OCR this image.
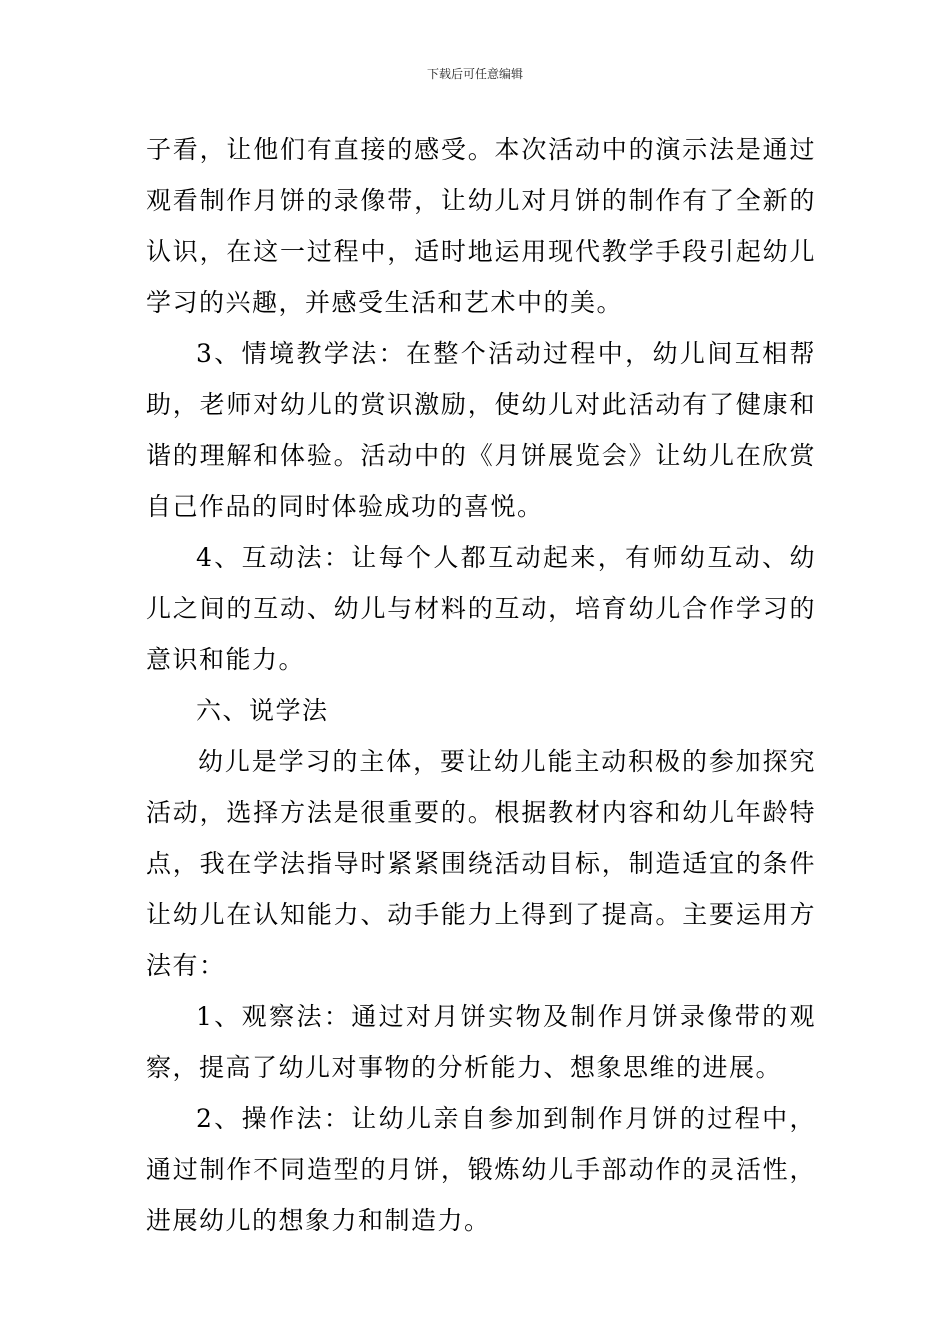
下载后可任意编辑

子看，让他们有直接的感受。本次活动中的演示法是通过观看制作月饼的录像带，让幼儿对月饼的制作有了全新的认识，在这一过程中，适时地运用现代教学手段引起幼儿学习的兴趣，并感受生活和艺术中的美。

3、情境教学法：在整个活动过程中，幼儿间互相帮助，老师对幼儿的赏识激励，使幼儿对此活动有了健康和谐的理解和体验。活动中的《月饼展览会》让幼儿在欣赏自己作品的同时体验成功的喜悦。

4、互动法：让每个人都互动起来，有师幼互动、幼儿之间的互动、幼儿与材料的互动，培育幼儿合作学习的意识和能力。

六、说学法

幼儿是学习的主体，要让幼儿能主动积极的参加探究活动，选择方法是很重要的。根据教材内容和幼儿年龄特点，我在学法指导时紧紧围绕活动目标，制造适宜的条件让幼儿在认知能力、动手能力上得到了提高。主要运用方法有：

1、观察法：通过对月饼实物及制作月饼录像带的观察，提高了幼儿对事物的分析能力、想象思维的进展。

2、操作法：让幼儿亲自参加到制作月饼的过程中，通过制作不同造型的月饼，锻炼幼儿手部动作的灵活性，进展幼儿的想象力和制造力。
